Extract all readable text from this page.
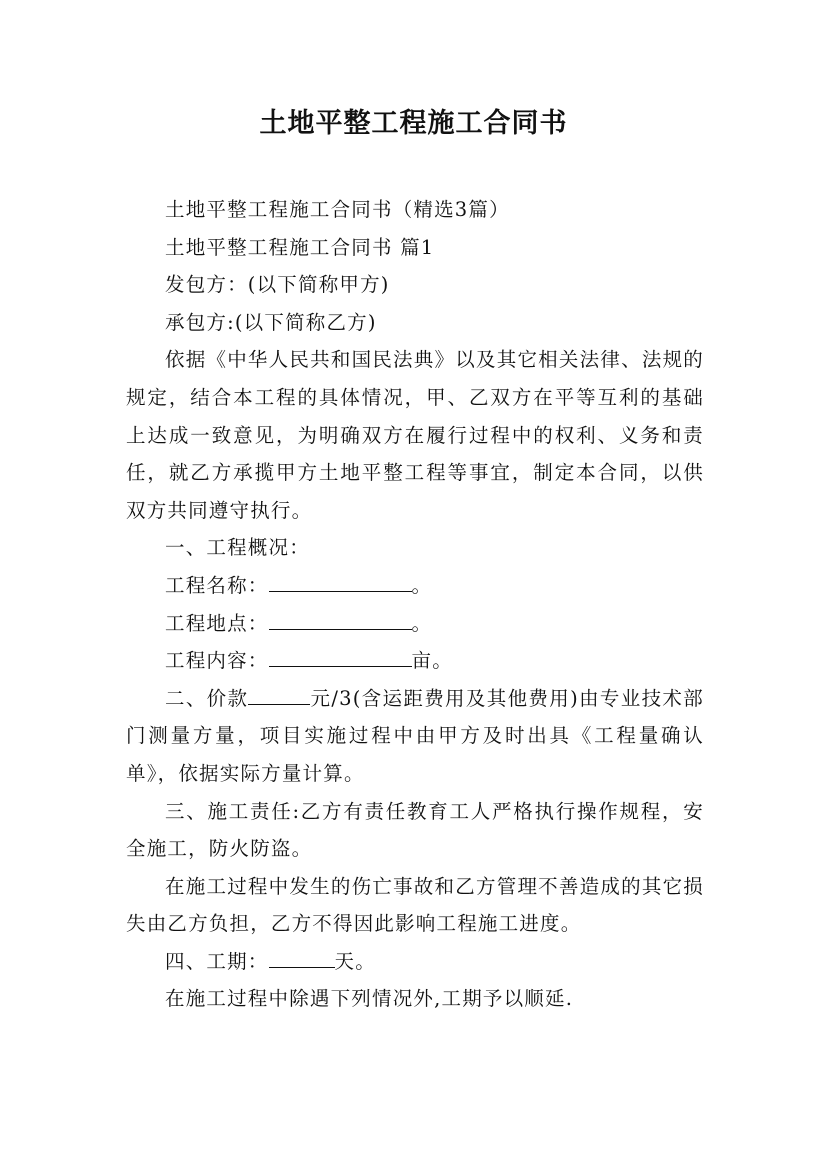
土地平整工程施工合同书

土地平整工程施工合同书（精选3篇）

土地平整工程施工合同书 篇1

发包方：(以下简称甲方)

承包方:(以下简称乙方)

依据《中华人民共和国民法典》以及其它相关法律、法规的规定，结合本工程的具体情况，甲、乙双方在平等互利的基础上达成一致意见，为明确双方在履行过程中的权利、义务和责任，就乙方承揽甲方土地平整工程等事宜，制定本合同，以供双方共同遵守执行。

一、工程概况：

工程名称：	。

工程地点：	。

工程内容：	亩。

二、价款	元/3(含运距费用及其他费用)由专业技术部门测量方量，项目实施过程中由甲方及时出具《工程量确认单》，依据实际方量计算。

三、施工责任:乙方有责任教育工人严格执行操作规程，安全施工，防火防盗。

在施工过程中发生的伤亡事故和乙方管理不善造成的其它损失由乙方负担，乙方不得因此影响工程施工进度。

四、工期：	天。

在施工过程中除遇下列情况外,工期予以顺延.
